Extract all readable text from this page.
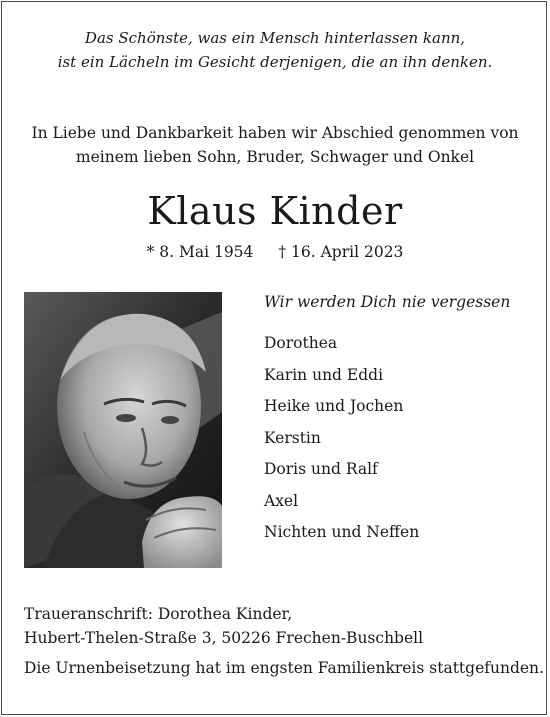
Das Schönste, was ein Mensch hinterlassen kann,
ist ein Lächeln im Gesicht derjenigen, die an ihn denken.
In Liebe und Dankbarkeit haben wir Abschied genommen von
meinem lieben Sohn, Bruder, Schwager und Onkel
Klaus Kinder
* 8. Mai 1954 † 16. April 2023
Wir werden Dich nie vergessen
Dorothea
Karin und Eddi
Heike und Jochen
Kerstin
Doris und Ralf
Axel
Nichten und Neffen
Traueranschrift: Dorothea Kinder,
Hubert-Thelen-Straße 3, 50226 Frechen-Buschbell
Die Urnenbeisetzung hat im engsten Familienkreis stattgefunden.
